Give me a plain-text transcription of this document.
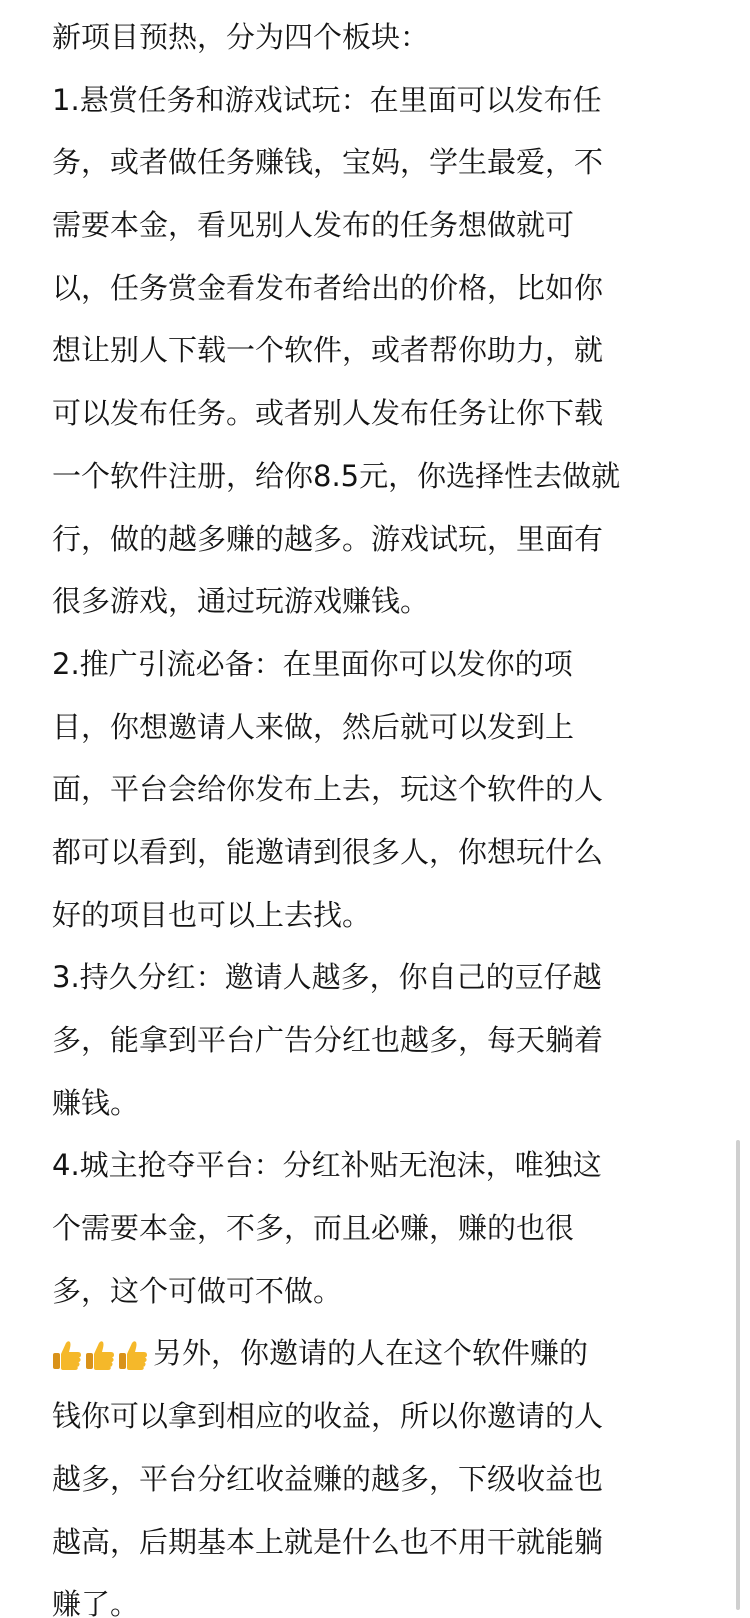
新项目预热，分为四个板块：
1.悬赏任务和游戏试玩：在里面可以发布任
务，或者做任务赚钱，宝妈，学生最爱，不
需要本金，看见别人发布的任务想做就可
以，任务赏金看发布者给出的价格，比如你
想让别人下载一个软件，或者帮你助力，就
可以发布任务。或者别人发布任务让你下载
一个软件注册，给你8.5元，你选择性去做就
行，做的越多赚的越多。游戏试玩，里面有
很多游戏，通过玩游戏赚钱。
2.推广引流必备：在里面你可以发你的项
目，你想邀请人来做，然后就可以发到上
面，平台会给你发布上去，玩这个软件的人
都可以看到，能邀请到很多人，你想玩什么
好的项目也可以上去找。
3.持久分红：邀请人越多，你自己的豆仔越
多，能拿到平台广告分红也越多，每天躺着
赚钱。
4.城主抢夺平台：分红补贴无泡沫，唯独这
个需要本金，不多，而且必赚，赚的也很
多，这个可做可不做。
另外，你邀请的人在这个软件赚的
钱你可以拿到相应的收益，所以你邀请的人
越多，平台分红收益赚的越多，下级收益也
越高，后期基本上就是什么也不用干就能躺
赚了。
